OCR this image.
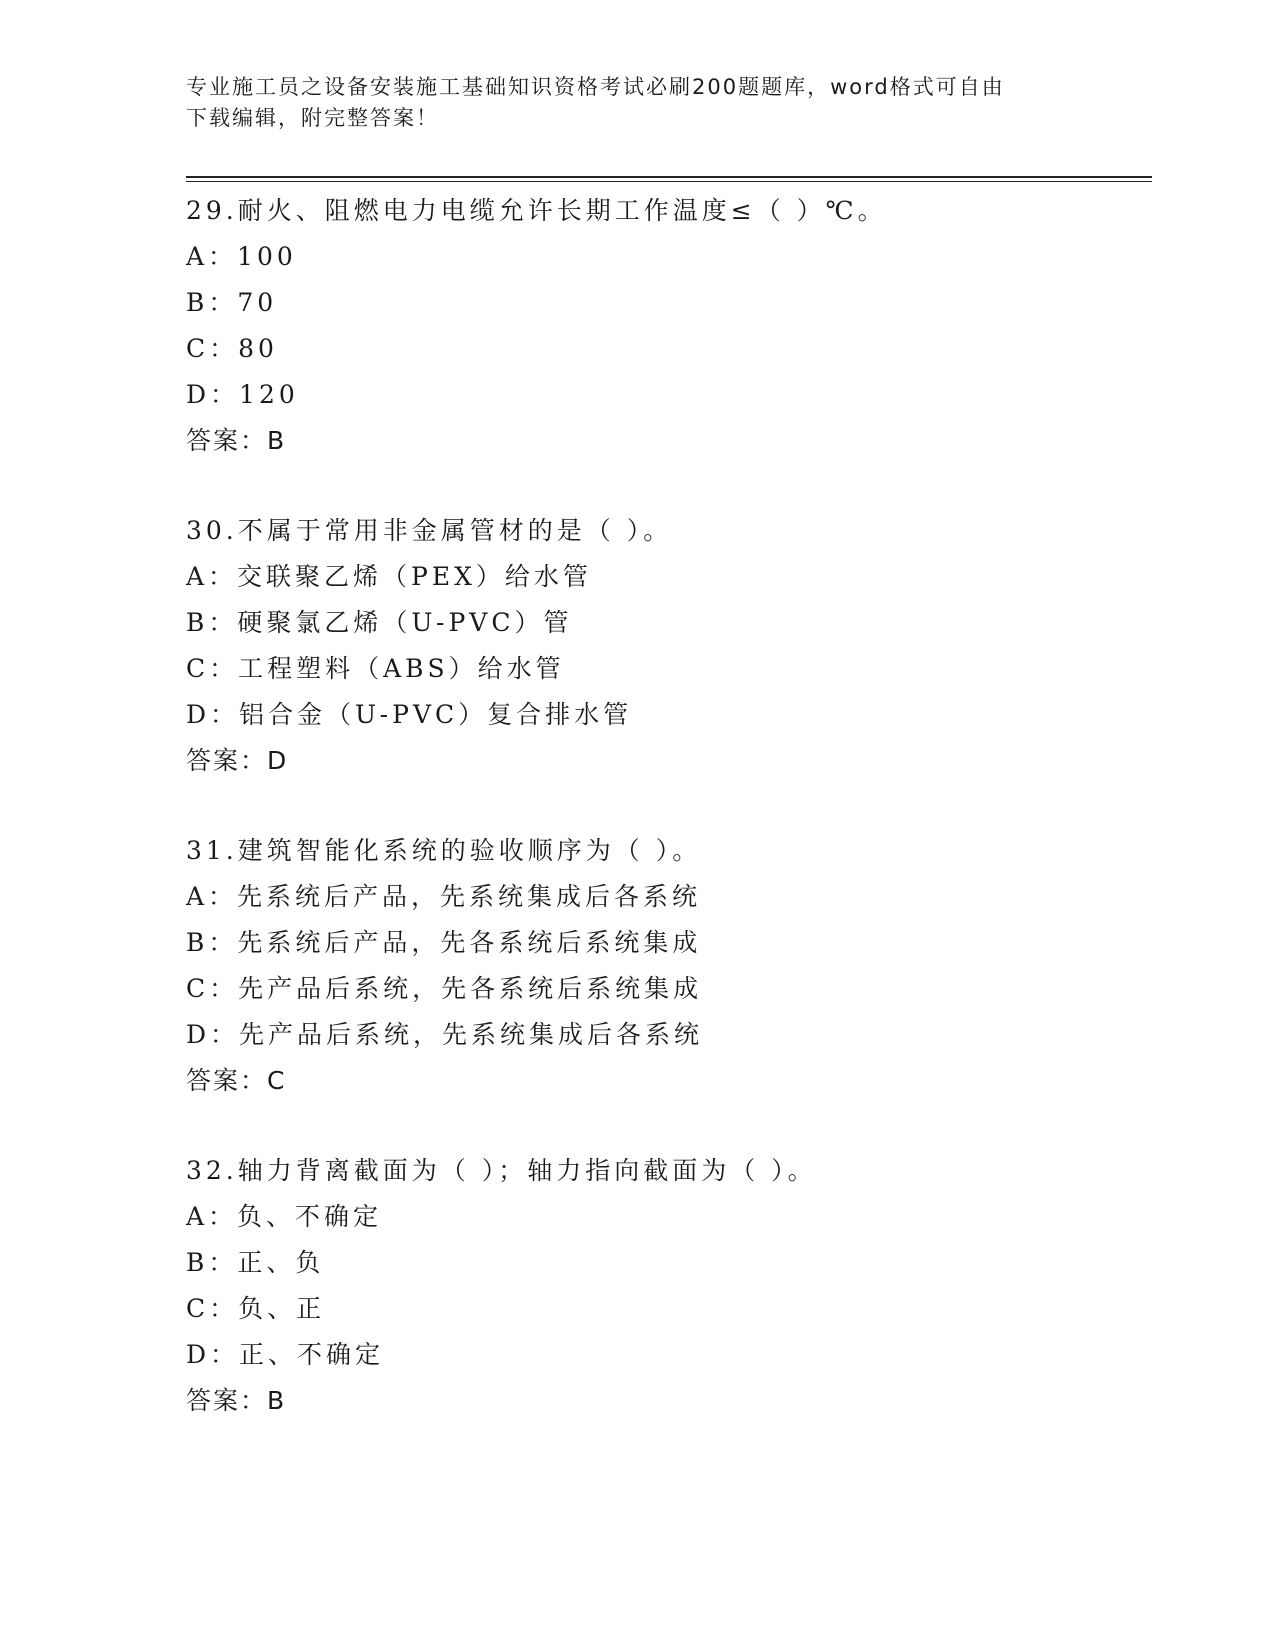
专业施工员之设备安装施工基础知识资格考试必刷200题题库，word格式可自由
下载编辑，附完整答案！
29.耐火、阻燃电力电缆允许长期工作温度≤（ ）℃。
A：100
B：70
C：80
D：120
答案：B
30.不属于常用非金属管材的是（ ）。
A：交联聚乙烯（PEX）给水管
B：硬聚氯乙烯（U-PVC）管
C：工程塑料（ABS）给水管
D：铝合金（U-PVC）复合排水管
答案：D
31.建筑智能化系统的验收顺序为（ ）。
A：先系统后产品，先系统集成后各系统
B：先系统后产品，先各系统后系统集成
C：先产品后系统，先各系统后系统集成
D：先产品后系统，先系统集成后各系统
答案：C
32.轴力背离截面为（ ）；轴力指向截面为（ ）。
A：负、不确定
B：正、负
C：负、正
D：正、不确定
答案：B
